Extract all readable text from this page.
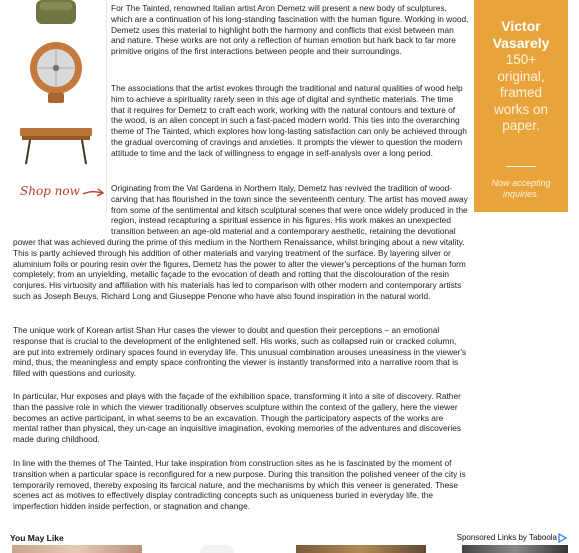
Shop now
Victor
Vasarely
150+
original,
framed
works on
paper.
Now accepting
inquiries.

For The Tainted, renowned Italian artist Aron Demetz will present a new body of sculptures, which are a continuation of his long-standing fascination with the human figure. Working in wood, Demetz uses this material to highlight both the harmony and conflicts that exist between man and nature. These works are not only a reflection of human emotion but hark back to far more primitive origins of the first interactions between people and their surroundings.

The associations that the artist evokes through the traditional and natural qualities of wood help him to achieve a spirituality rarely seen in this age of digital and synthetic materials. The time that it requires for Demetz to craft each work, working with the natural contours and texture of the wood, is an alien concept in such a fast-paced modern world. This ties into the overarching theme of The Tainted, which explores how long-lasting satisfaction can only be achieved through the gradual overcoming of cravings and anxieties. It prompts the viewer to question the modern attitude to time and the lack of willingness to engage in self-analysis over a long period.

Originating from the Val Gardena in Northern Italy, Demetz has revived the tradition of wood-carving that has flourished in the town since the seventeenth century. The artist has moved away from some of the sentimental and kitsch sculptural scenes that were once widely produced in the region, instead recapturing a spiritual essence in his figures. His work makes an unexpected transition between an age-old material and a contemporary aesthetic, retaining the devotional power that was achieved during the prime of this medium in the Northern Renaissance, whilst bringing about a new vitality. This is partly achieved through his addition of other materials and varying treatment of the surface. By layering silver or aluminium foils or pouring resin over the figures, Demetz has the power to alter the viewer's perceptions of the human form completely; from an unyielding, metallic façade to the evocation of death and rotting that the discolouration of the resin conjures. His virtuosity and affiliation with his materials has led to comparison with other modern and contemporary artists such as Joseph Beuys, Richard Long and Giuseppe Penone who have also found inspiration in the natural world.

The unique work of Korean artist Shan Hur cases the viewer to doubt and question their perceptions – an emotional response that is crucial to the development of the enlightened self. His works, such as collapsed ruin or cracked column, are put into extremely ordinary spaces found in everyday life. This unusual combination arouses uneasiness in the viewer's mind, thus, the meaningless and empty space confronting the viewer is instantly transformed into a narrative room that is filled with questions and curiosity.

In particular, Hur exposes and plays with the façade of the exhibition space, transforming it into a site of discovery. Rather than the passive role in which the viewer traditionally observes sculpture within the context of the gallery, here the viewer becomes an active participant, in what seems to be an excavation. Though the participatory aspects of the works are mental rather than physical, they un-cage an inquisitive imagination, evoking memories of the adventures and discoveries made during childhood.

In line with the themes of The Tainted, Hur take inspiration from construction sites as he is fascinated by the moment of transition when a particular space is reconfigured for a new purpose. During this transition the polished veneer of the city is temporarily removed, thereby exposing its farcical nature, and the mechanisms by which this veneer is generated. These scenes act as motives to effectively display contradicting concepts such as uniqueness buried in everyday life, the imperfection hidden inside perfection, or stagnation and change.

You May Like	Sponsored Links by Taboola
